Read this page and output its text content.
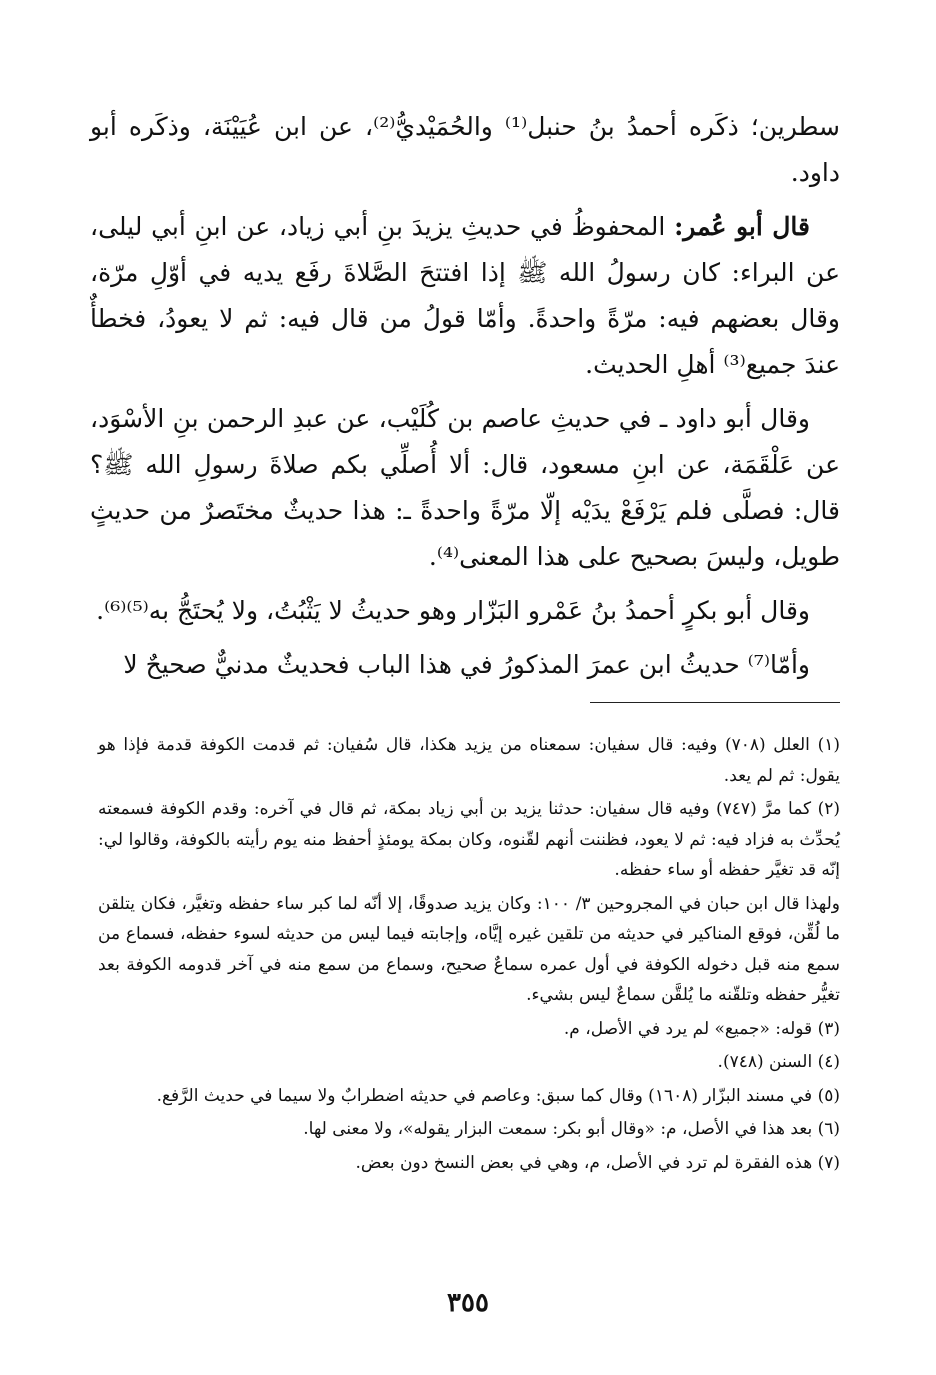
سطرين؛ ذكَره أحمدُ بنُ حنبل⁽¹⁾ والحُمَيْديُّ⁽²⁾، عن ابن عُيَيْنَة، وذكَره أبو داود.

قال أبو عُمر: المحفوظُ في حديثِ يزيدَ بنِ أبي زياد، عن ابنِ أبي ليلى، عن البراء: كان رسولُ الله ﷺ إذا افتتحَ الصَّلاةَ رفَع يديه في أوّلِ مرّة، وقال بعضهم فيه: مرّةً واحدةً. وأمّا قولُ من قال فيه: ثم لا يعودُ، فخطأٌ عندَ جميع⁽³⁾ أهلِ الحديث.

وقال أبو داود ـ في حديثِ عاصم بن كُلَيْب، عن عبدِ الرحمن بنِ الأسْوَد، عن عَلْقَمَة، عن ابنِ مسعود، قال: ألا أُصلِّي بكم صلاةَ رسولِ الله ﷺ؟ قال: فصلَّى فلم يَرْفَعْ يدَيْه إلّا مرّةً واحدةً ـ: هذا حديثٌ مختَصرٌ من حديثٍ طويل، وليسَ بصحيح على هذا المعنى⁽⁴⁾.

وقال أبو بكرٍ أحمدُ بنُ عَمْرو البَزّار وهو حديثُ لا يَثْبُتُ، ولا يُحتَجُّ به⁽⁵⁾⁽⁶⁾.

وأمّا⁽⁷⁾ حديثُ ابن عمرَ المذكورُ في هذا الباب فحديثٌ مدنيٌّ صحيحٌ لا

(١) العلل (٧٠٨) وفيه: قال سفيان: سمعناه من يزيد هكذا، قال سُفيان: ثم قدمت الكوفة قدمة فإذا هو يقول: ثم لم يعد.

(٢) كما مرَّ (٧٤٧) وفيه قال سفيان: حدثنا يزيد بن أبي زياد بمكة، ثم قال في آخره: وقدم الكوفة فسمعته يُحدِّث به فزاد فيه: ثم لا يعود، فظننت أنهم لقّنوه، وكان بمكة يومئذٍ أحفظ منه يوم رأيته بالكوفة، وقالوا لي: إنّه قد تغيَّر حفظه أو ساء حفظه.

ولهذا قال ابن حبان في المجروحين ٣/ ١٠٠: وكان يزيد صدوقًا، إلا أنّه لما كبر ساء حفظه وتغيَّر، فكان يتلقن ما لُقِّن، فوقع المناكير في حديثه من تلقين غيره إيَّاه، وإجابته فيما ليس من حديثه لسوء حفظه، فسماع من سمع منه قبل دخوله الكوفة في أول عمره سماعٌ صحيح، وسماع من سمع منه في آخر قدومه الكوفة بعد تغيُّر حفظه وتلقّنه ما يُلقَّن سماعٌ ليس بشيء.

(٣) قوله: «جميع» لم يرد في الأصل، م.

(٤) السنن (٧٤٨).

(٥) في مسند البزّار (١٦٠٨) وقال كما سبق: وعاصم في حديثه اضطرابٌ ولا سيما في حديث الرَّفع.

(٦) بعد هذا في الأصل، م: «وقال أبو بكر: سمعت البزار يقوله»، ولا معنى لها.

(٧) هذه الفقرة لم ترد في الأصل، م، وهي في بعض النسخ دون بعض.

٣٥٥
